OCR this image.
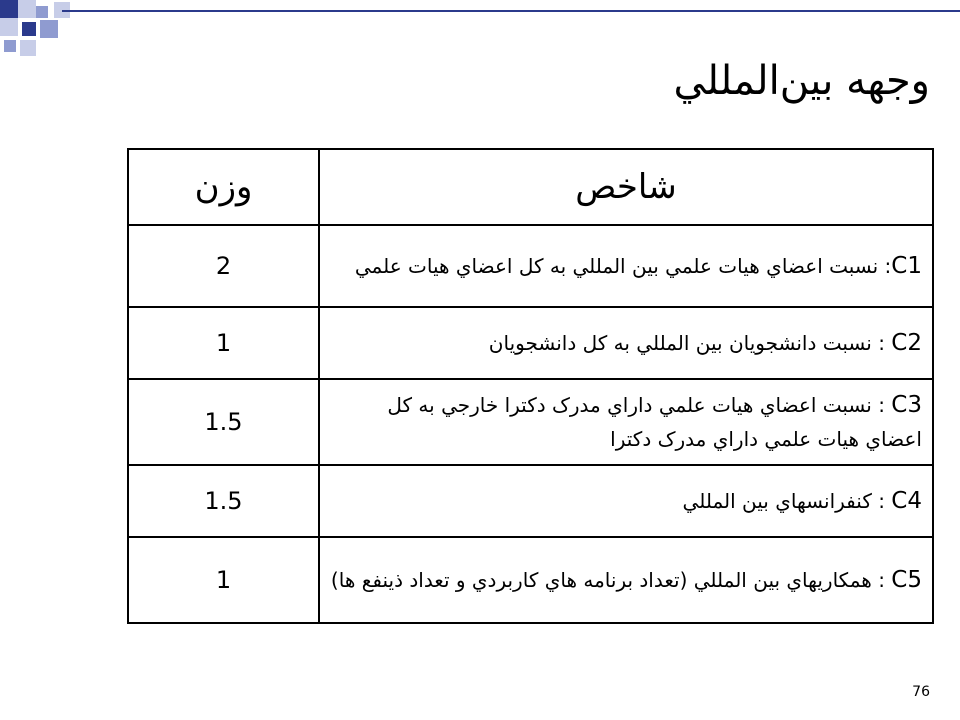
وجهه بين‌المللي
شاخص	وزن
C1: نسبت اعضاي هيات علمي بين المللي به كل اعضاي هيات علمي	2
C2 : نسبت دانشجويان بين المللي به كل دانشجويان	1
C3 : نسبت اعضاي هيات علمي داراي مدرک دکترا خارجي به کل اعضاي هيات علمي داراي مدرک دکترا	1.5
C4 : کنفرانسهاي بين المللي	1.5
C5 : همكاريهاي بين المللي (تعداد برنامه هاي كاربردي و تعداد ذينفع ها)	1
76
